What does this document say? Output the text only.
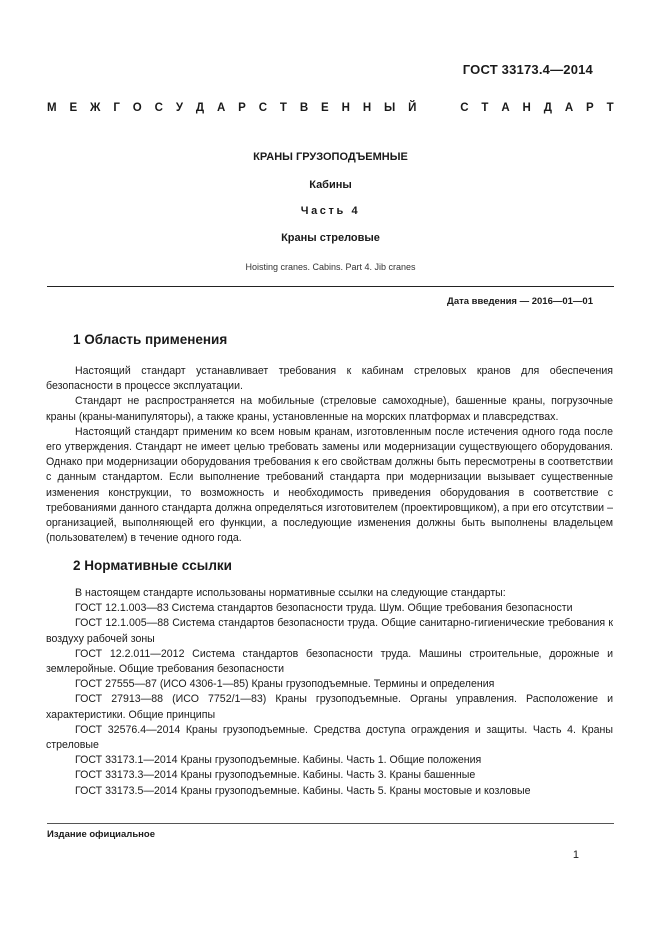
ГОСТ 33173.4—2014
М Е Ж Г О С У Д А Р С Т В Е Н Н Ы Й	С Т А Н Д А Р Т
КРАНЫ ГРУЗОПОДЪЕМНЫЕ
Кабины
Часть 4
Краны стреловые
Hoisting cranes. Cabins. Part 4. Jib cranes
Дата введения — 2016—01—01
1 Область применения

Настоящий стандарт устанавливает требования к кабинам стреловых кранов для обеспечения безопасности в процессе эксплуатации.

Стандарт не распространяется на мобильные (стреловые самоходные), башенные краны, погрузочные краны (краны-манипуляторы), а также краны, установленные на морских платформах и плавсредствах.

Настоящий стандарт применим ко всем новым кранам, изготовленным после истечения одного года после его утверждения. Стандарт не имеет целью требовать замены или модернизации существующего оборудования. Однако при модернизации оборудования требования к его свойствам должны быть пересмотрены в соответствии с данным стандартом. Если выполнение требований стандарта при модернизации вызывает существенные изменения конструкции, то возможность и необходимость приведения оборудования в соответствие с требованиями данного стандарта должна определяться изготовителем (проектировщиком), а при его отсутствии – организацией, выполняющей его функции, а последующие изменения должны быть выполнены владельцем (пользователем) в течение одного года.

2 Нормативные ссылки

В настоящем стандарте использованы нормативные ссылки на следующие стандарты:

ГОСТ 12.1.003—83 Система стандартов безопасности труда. Шум. Общие требования безопасности

ГОСТ 12.1.005—88 Система стандартов безопасности труда. Общие санитарно-гигиенические требования к воздуху рабочей зоны

ГОСТ 12.2.011—2012 Система стандартов безопасности труда. Машины строительные, дорожные и землеройные. Общие требования безопасности

ГОСТ 27555—87 (ИСО 4306-1—85) Краны грузоподъемные. Термины и определения

ГОСТ 27913—88 (ИСО 7752/1—83) Краны грузоподъемные. Органы управления. Расположение и характеристики. Общие принципы

ГОСТ 32576.4—2014 Краны грузоподъемные. Средства доступа ограждения и защиты. Часть 4. Краны стреловые

ГОСТ 33173.1—2014 Краны грузоподъемные. Кабины. Часть 1. Общие положения

ГОСТ 33173.3—2014 Краны грузоподъемные. Кабины. Часть 3. Краны башенные

ГОСТ 33173.5—2014 Краны грузоподъемные. Кабины. Часть 5. Краны мостовые и козловые

Издание официальное
1
